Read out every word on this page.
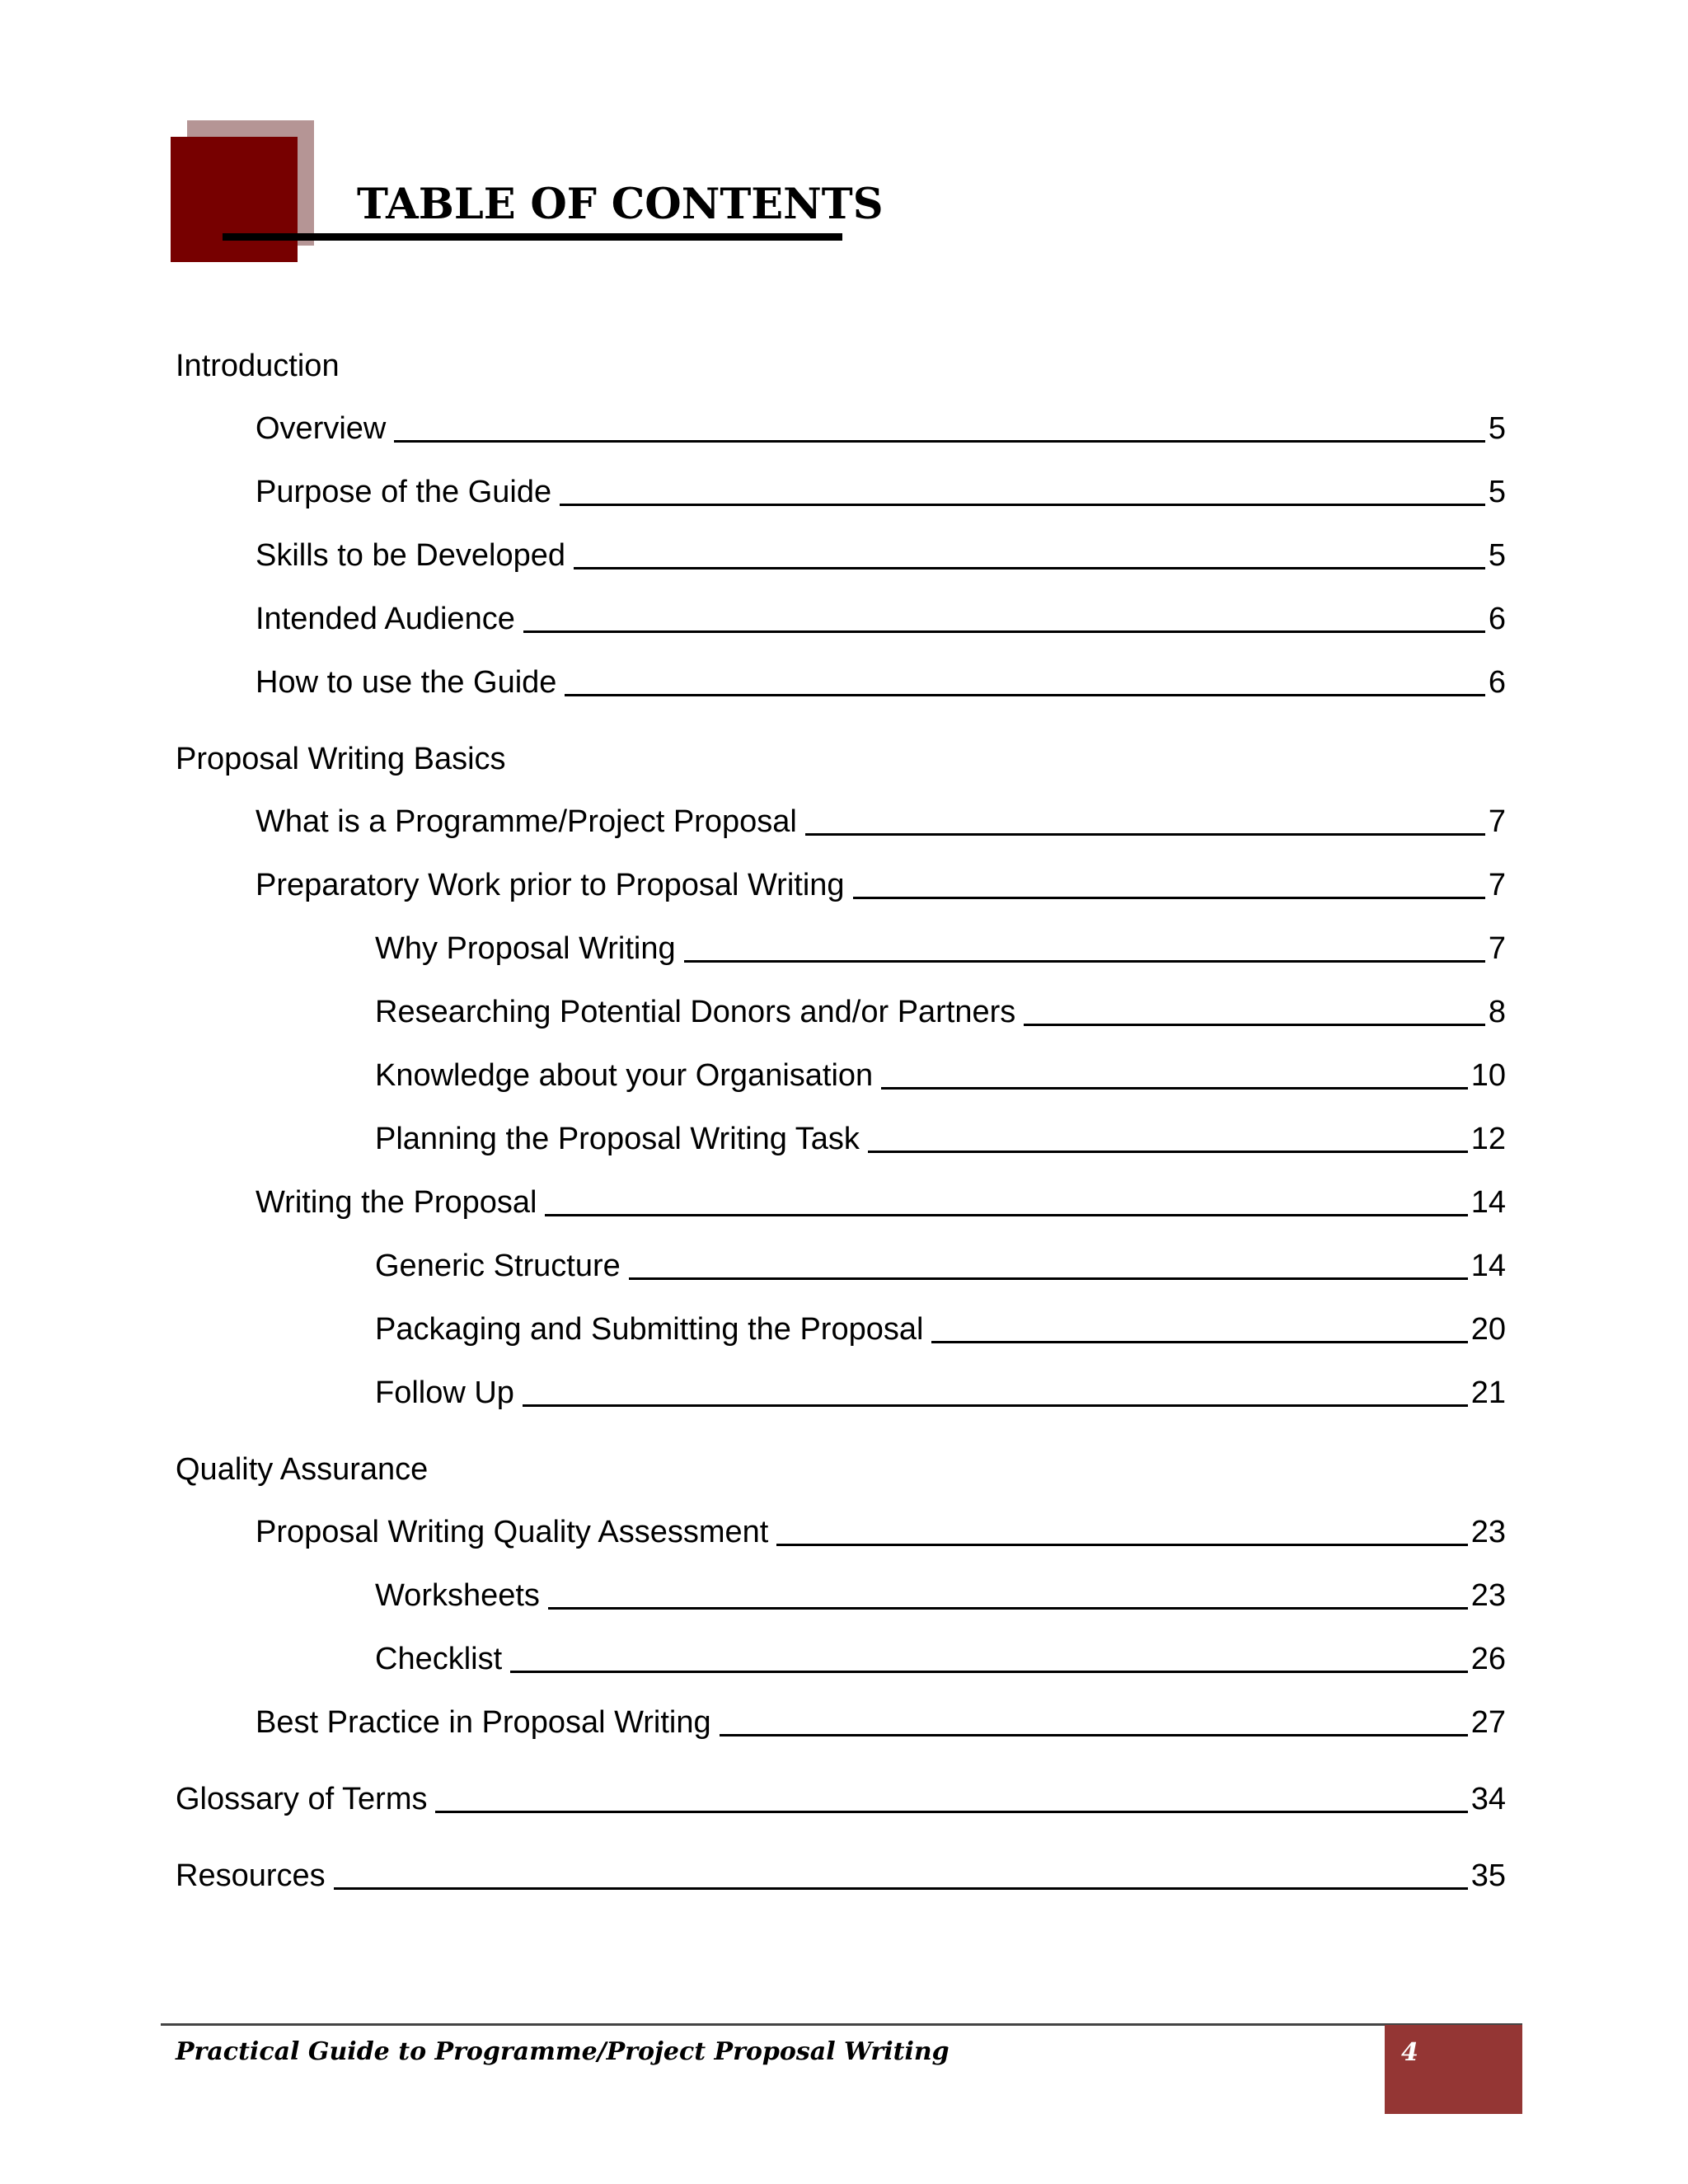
TABLE OF CONTENTS
Introduction
Overview	5
Purpose of the Guide	5
Skills to be Developed	5
Intended Audience	6
How to use the Guide	6
Proposal Writing Basics
What is a Programme/Project Proposal	7
Preparatory Work prior to Proposal Writing	7
Why Proposal Writing	7
Researching Potential Donors and/or Partners	8
Knowledge about your Organisation	10
Planning the Proposal Writing Task	12
Writing the Proposal	14
Generic Structure	14
Packaging and Submitting the Proposal	20
Follow Up	21
Quality Assurance
Proposal Writing Quality Assessment	23
Worksheets	23
Checklist	26
Best Practice in Proposal Writing	27
Glossary of Terms	34
Resources	35
Practical Guide to Programme/Project Proposal Writing	4
